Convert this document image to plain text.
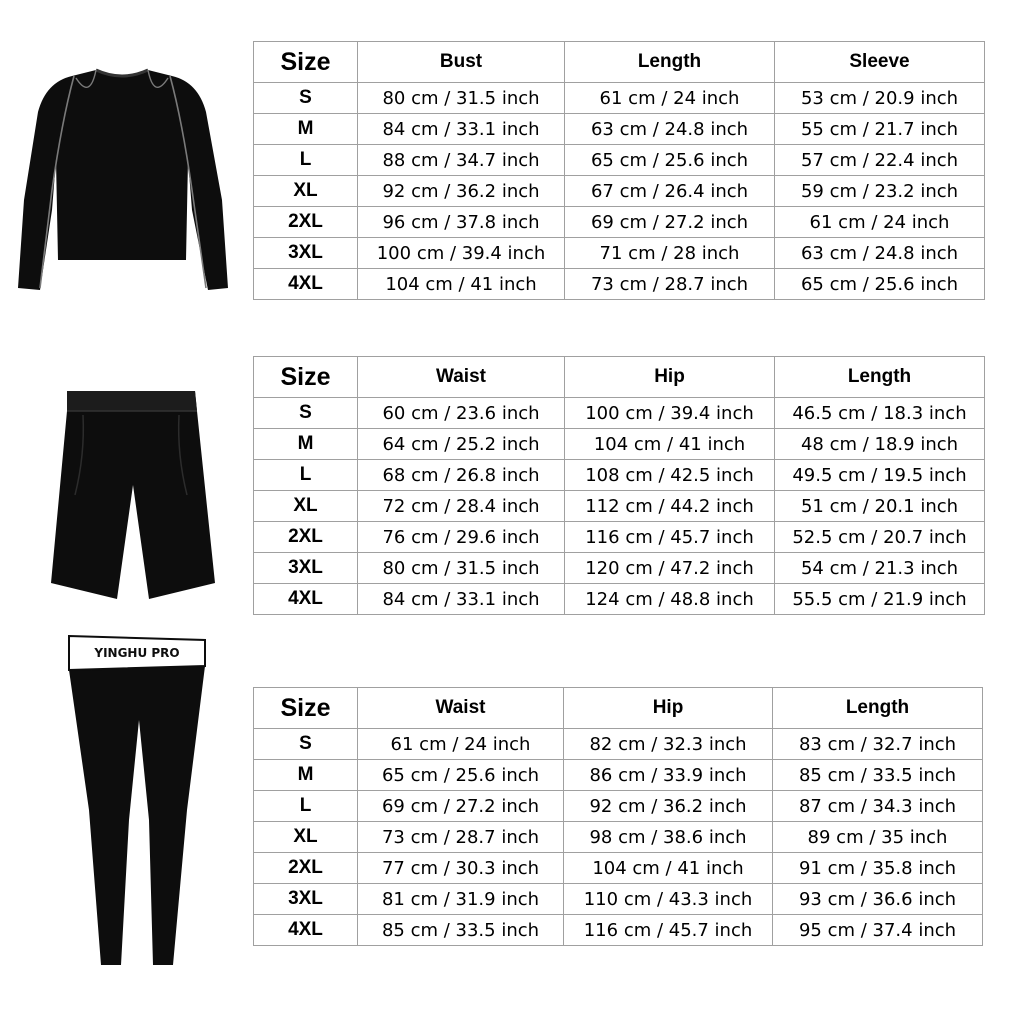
YINGHU PRO
Size	Bust	Length	Sleeve
S	80 cm / 31.5 inch	61 cm / 24 inch	53 cm / 20.9 inch
M	84 cm / 33.1 inch	63 cm / 24.8 inch	55 cm / 21.7 inch
L	88 cm / 34.7 inch	65 cm / 25.6 inch	57 cm / 22.4 inch
XL	92 cm / 36.2 inch	67 cm / 26.4 inch	59 cm / 23.2 inch
2XL	96 cm / 37.8 inch	69 cm / 27.2 inch	61 cm / 24 inch
3XL	100 cm / 39.4 inch	71 cm / 28 inch	63 cm / 24.8 inch
4XL	104 cm / 41 inch	73 cm / 28.7 inch	65 cm / 25.6 inch
Size	Waist	Hip	Length
S	60 cm / 23.6 inch	100 cm / 39.4 inch	46.5 cm / 18.3 inch
M	64 cm / 25.2 inch	104 cm / 41 inch	48 cm / 18.9 inch
L	68 cm / 26.8 inch	108 cm / 42.5 inch	49.5 cm / 19.5 inch
XL	72 cm / 28.4 inch	112 cm / 44.2 inch	51 cm / 20.1 inch
2XL	76 cm / 29.6 inch	116 cm / 45.7 inch	52.5 cm / 20.7 inch
3XL	80 cm / 31.5 inch	120 cm / 47.2 inch	54 cm / 21.3 inch
4XL	84 cm / 33.1 inch	124 cm / 48.8 inch	55.5 cm / 21.9 inch
Size	Waist	Hip	Length
S	61 cm / 24 inch	82 cm / 32.3 inch	83 cm / 32.7 inch
M	65 cm / 25.6 inch	86 cm / 33.9 inch	85 cm / 33.5 inch
L	69 cm / 27.2 inch	92 cm / 36.2 inch	87 cm / 34.3 inch
XL	73 cm / 28.7 inch	98 cm / 38.6 inch	89 cm / 35 inch
2XL	77 cm / 30.3 inch	104 cm / 41 inch	91 cm / 35.8 inch
3XL	81 cm / 31.9 inch	110 cm / 43.3 inch	93 cm / 36.6 inch
4XL	85 cm / 33.5 inch	116 cm / 45.7 inch	95 cm / 37.4 inch
